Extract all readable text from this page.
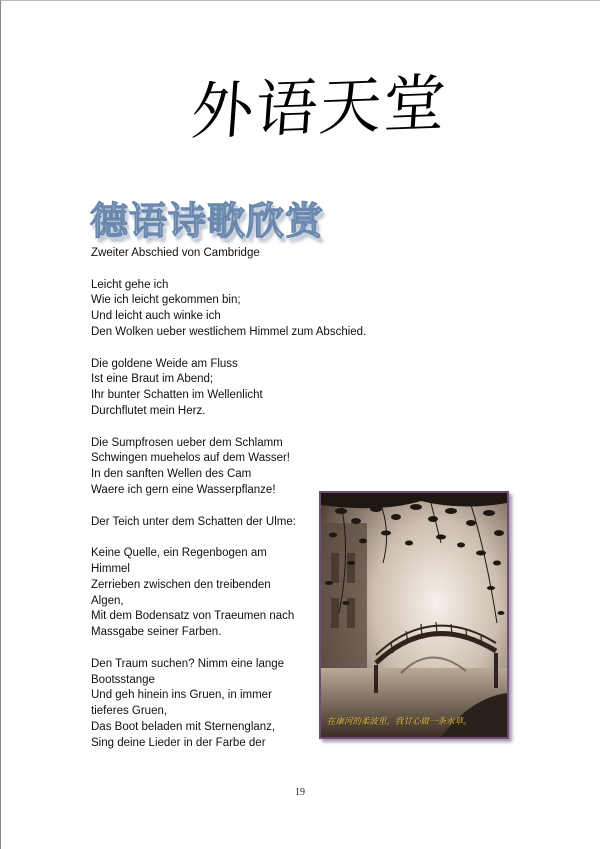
外语天堂
德语诗歌欣赏
Zweiter Abschied von Cambridge
Leicht gehe ich
Wie ich leicht gekommen bin;
Und leicht auch winke ich
Den Wolken ueber westlichem Himmel zum Abschied.
Die goldene Weide am Fluss
Ist eine Braut im Abend;
Ihr bunter Schatten im Wellenlicht
Durchflutet mein Herz.
Die Sumpfrosen ueber dem Schlamm
Schwingen muehelos auf dem Wasser!
In den sanften Wellen des Cam
Waere ich gern eine Wasserpflanze!
Der Teich unter dem Schatten der Ulme:
Keine Quelle, ein Regenbogen am
Himmel
Zerrieben zwischen den treibenden
Algen,
Mit dem Bodensatz von Traeumen nach
Massgabe seiner Farben.
Den Traum suchen? Nimm eine lange
Bootsstange
Und geh hinein ins Gruen, in immer
tieferes Gruen,
Das Boot beladen mit Sternenglanz,
Sing deine Lieder in der Farbe der
在康河的柔波里，我甘心做一条水草。
19
